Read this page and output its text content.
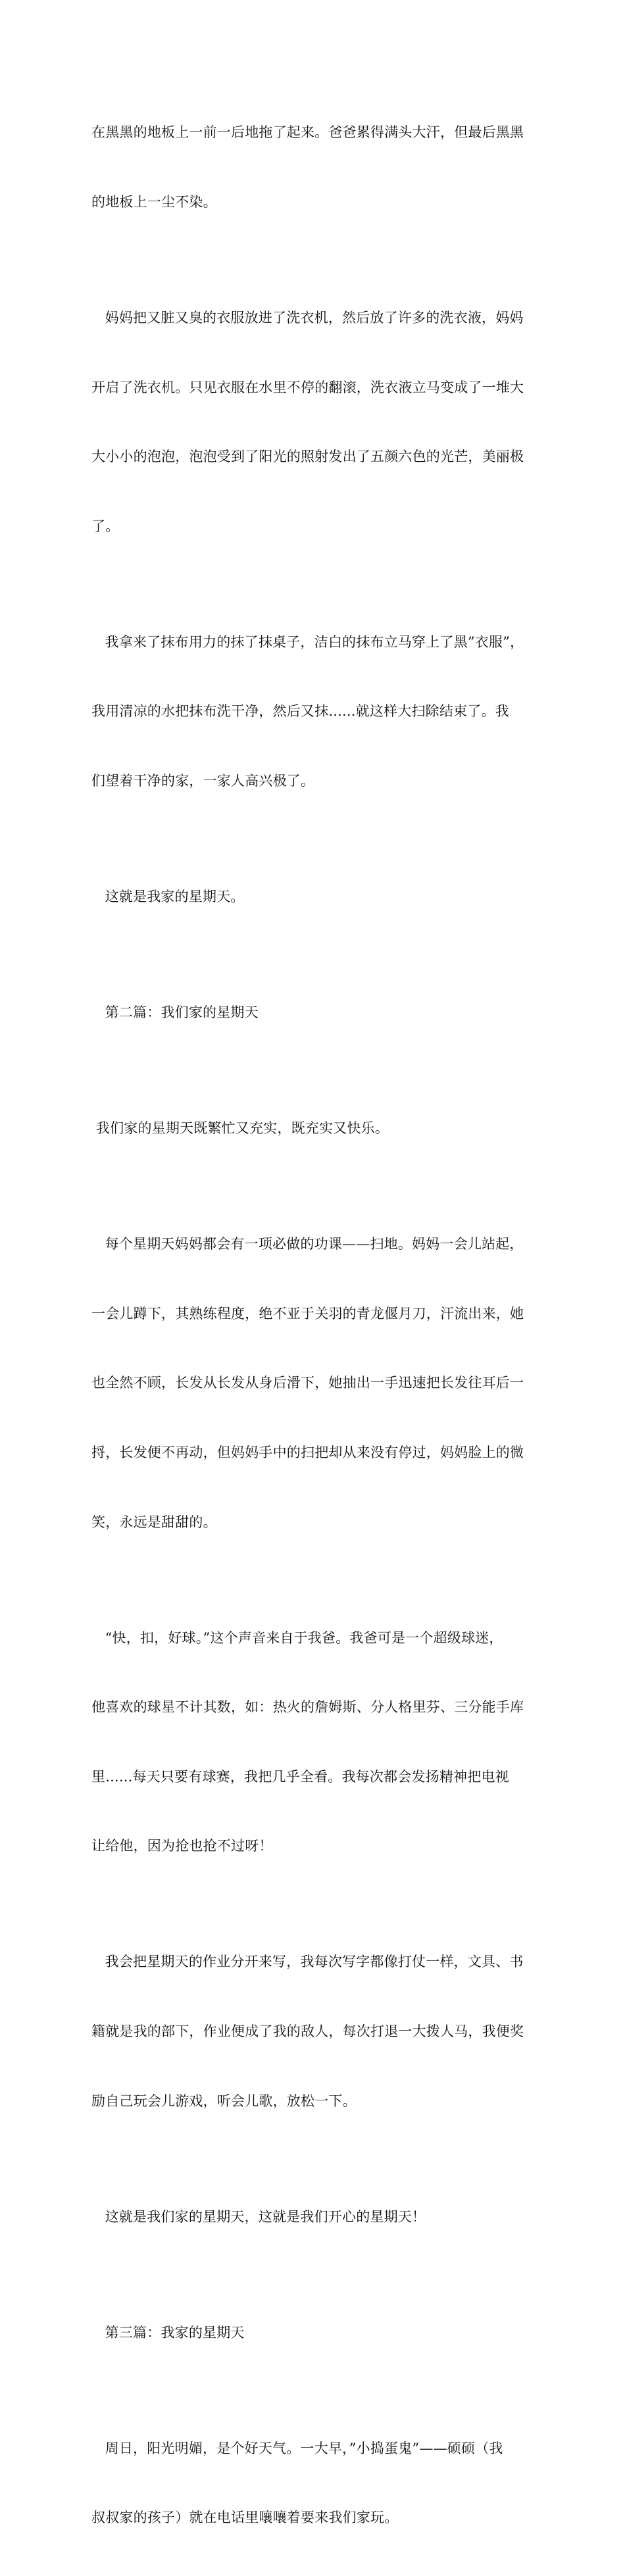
在黑黑的地板上一前一后地拖了起来。爸爸累得满头大汗，但最后黑黑

的地板上一尘不染。

妈妈把又脏又臭的衣服放进了洗衣机，然后放了许多的洗衣液，妈妈

开启了洗衣机。只见衣服在水里不停的翻滚，洗衣液立马变成了一堆大

大小小的泡泡，泡泡受到了阳光的照射发出了五颜六色的光芒，美丽极

了。

我拿来了抹布用力的抹了抹桌子，洁白的抹布立马穿上了黑”衣服”，

我用清凉的水把抹布洗干净，然后又抹......就这样大扫除结束了。我

们望着干净的家，一家人高兴极了。

这就是我家的星期天。

第二篇：我们家的星期天

我们家的星期天既繁忙又充实，既充实又快乐。

每个星期天妈妈都会有一项必做的功课——扫地。妈妈一会儿站起，

一会儿蹲下，其熟练程度，绝不亚于关羽的青龙偃月刀，汗流出来，她

也全然不顾，长发从长发从身后滑下，她抽出一手迅速把长发往耳后一

捋，长发便不再动，但妈妈手中的扫把却从来没有停过，妈妈脸上的微

笑，永远是甜甜的。

“快，扣，好球。”这个声音来自于我爸。我爸可是一个超级球迷，

他喜欢的球星不计其数，如：热火的詹姆斯、分人格里芬、三分能手库

里......每天只要有球赛，我把几乎全看。我每次都会发扬精神把电视

让给他，因为抢也抢不过呀！

我会把星期天的作业分开来写，我每次写字都像打仗一样，文具、书

籍就是我的部下，作业便成了我的敌人，每次打退一大拨人马，我便奖

励自己玩会儿游戏，听会儿歌，放松一下。

这就是我们家的星期天，这就是我们开心的星期天！

第三篇：我家的星期天

周日，阳光明媚，是个好天气。一大早，”小捣蛋鬼”——硕硕（我

叔叔家的孩子）就在电话里嚷嚷着要来我们家玩。
